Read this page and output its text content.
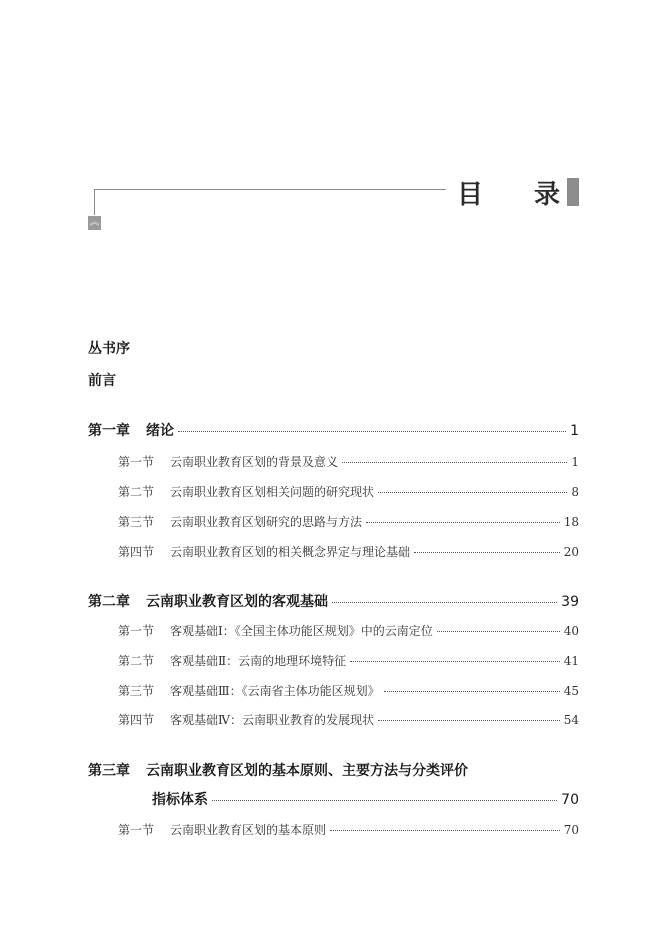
︽
目 录
丛书序
前言
第一章 绪论	1
第一节 云南职业教育区划的背景及意义	1
第二节 云南职业教育区划相关问题的研究现状	8
第三节 云南职业教育区划研究的思路与方法	18
第四节 云南职业教育区划的相关概念界定与理论基础	20
第二章 云南职业教育区划的客观基础	39
第一节 客观基础Ⅰ：《全国主体功能区规划》中的云南定位	40
第二节 客观基础Ⅱ：云南的地理环境特征	41
第三节 客观基础Ⅲ：《云南省主体功能区规划》	45
第四节 客观基础Ⅳ：云南职业教育的发展现状	54
第三章 云南职业教育区划的基本原则、主要方法与分类评价
指标体系	70
第一节 云南职业教育区划的基本原则	70
